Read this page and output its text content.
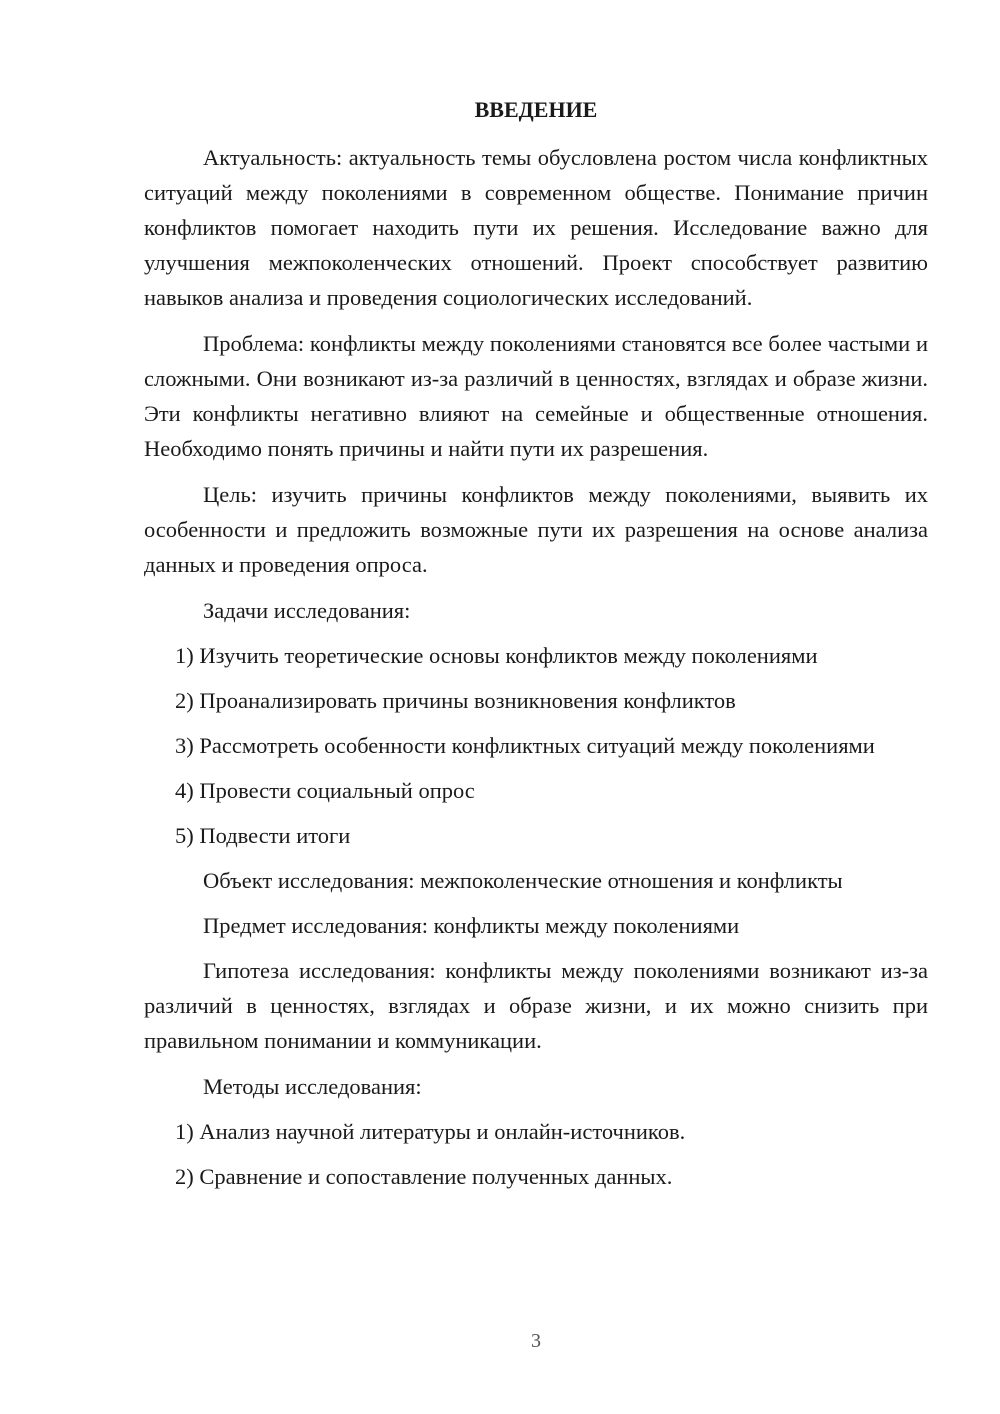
ВВЕДЕНИЕ

Актуальность: актуальность темы обусловлена ростом числа конфликтных ситуаций между поколениями в современном обществе. Понимание причин конфликтов помогает находить пути их решения. Исследование важно для улучшения межпоколенческих отношений. Проект способствует развитию навыков анализа и проведения социологических исследований.

Проблема: конфликты между поколениями становятся все более частыми и сложными. Они возникают из-за различий в ценностях, взглядах и образе жизни. Эти конфликты негативно влияют на семейные и общественные отношения. Необходимо понять причины и найти пути их разрешения.

Цель: изучить причины конфликтов между поколениями, выявить их особенности и предложить возможные пути их разрешения на основе анализа данных и проведения опроса.

Задачи исследования:
1) Изучить теоретические основы конфликтов между поколениями
2) Проанализировать причины возникновения конфликтов
3) Рассмотреть особенности конфликтных ситуаций между поколениями
4) Провести социальный опрос
5) Подвести итоги
Объект исследования: межпоколенческие отношения и конфликты
Предмет исследования: конфликты между поколениями

Гипотеза исследования: конфликты между поколениями возникают из-за различий в ценностях, взглядах и образе жизни, и их можно снизить при правильном понимании и коммуникации.

Методы исследования:
1) Анализ научной литературы и онлайн-источников.
2) Сравнение и сопоставление полученных данных.
3
